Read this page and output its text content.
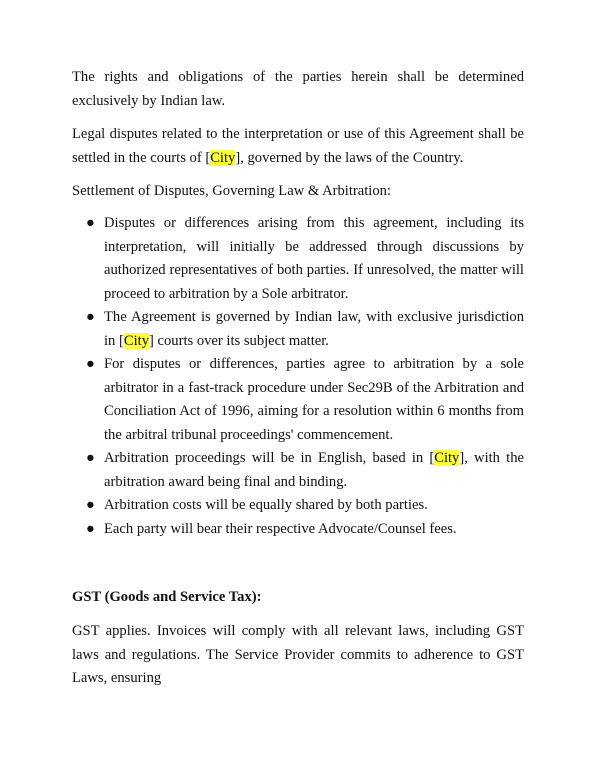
The rights and obligations of the parties herein shall be determined exclusively by Indian law.
Legal disputes related to the interpretation or use of this Agreement shall be settled in the courts of [City], governed by the laws of the Country.
Settlement of Disputes, Governing Law & Arbitration:
● Disputes or differences arising from this agreement, including its interpretation, will initially be addressed through discussions by authorized representatives of both parties. If unresolved, the matter will proceed to arbitration by a Sole arbitrator.
● The Agreement is governed by Indian law, with exclusive jurisdiction in [City] courts over its subject matter.
● For disputes or differences, parties agree to arbitration by a sole arbitrator in a fast-track procedure under Sec29B of the Arbitration and Conciliation Act of 1996, aiming for a resolution within 6 months from the arbitral tribunal proceedings' commencement.
● Arbitration proceedings will be in English, based in [City], with the arbitration award being final and binding.
● Arbitration costs will be equally shared by both parties.
● Each party will bear their respective Advocate/Counsel fees.
GST (Goods and Service Tax):
GST applies. Invoices will comply with all relevant laws, including GST laws and regulations. The Service Provider commits to adherence to GST Laws, ensuring
